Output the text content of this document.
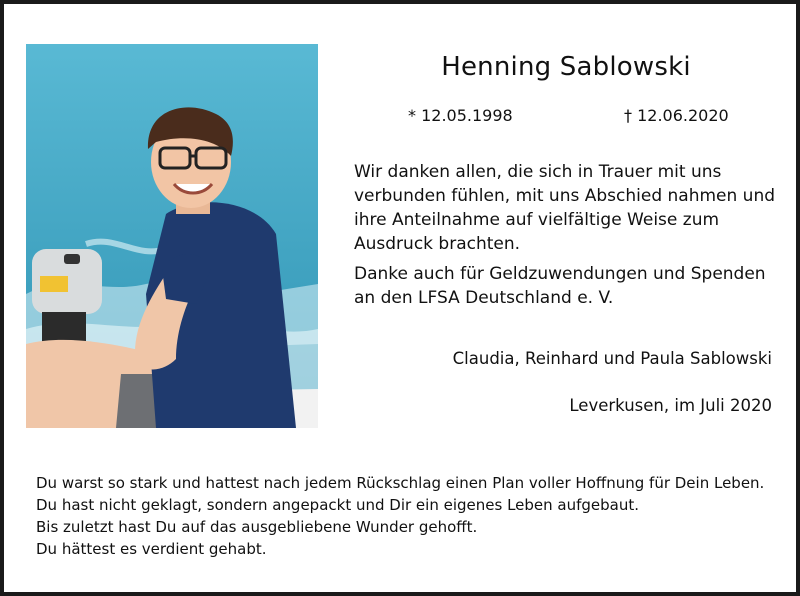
Henning Sablowski
* 12.05.1998	† 12.06.2020

Wir danken allen, die sich in Trauer mit uns verbunden fühlen, mit uns Abschied nahmen und ihre Anteilnahme auf vielfältige Weise zum Ausdruck brachten.

Danke auch für Geldzuwendungen und Spenden an den LFSA Deutschland e. V.

Claudia, Reinhard und Paula Sablowski
Leverkusen, im Juli 2020
Du warst so stark und hattest nach jedem Rückschlag einen Plan voller Hoffnung für Dein Leben.
Du hast nicht geklagt, sondern angepackt und Dir ein eigenes Leben aufgebaut.
Bis zuletzt hast Du auf das ausgebliebene Wunder gehofft.
Du hättest es verdient gehabt.
